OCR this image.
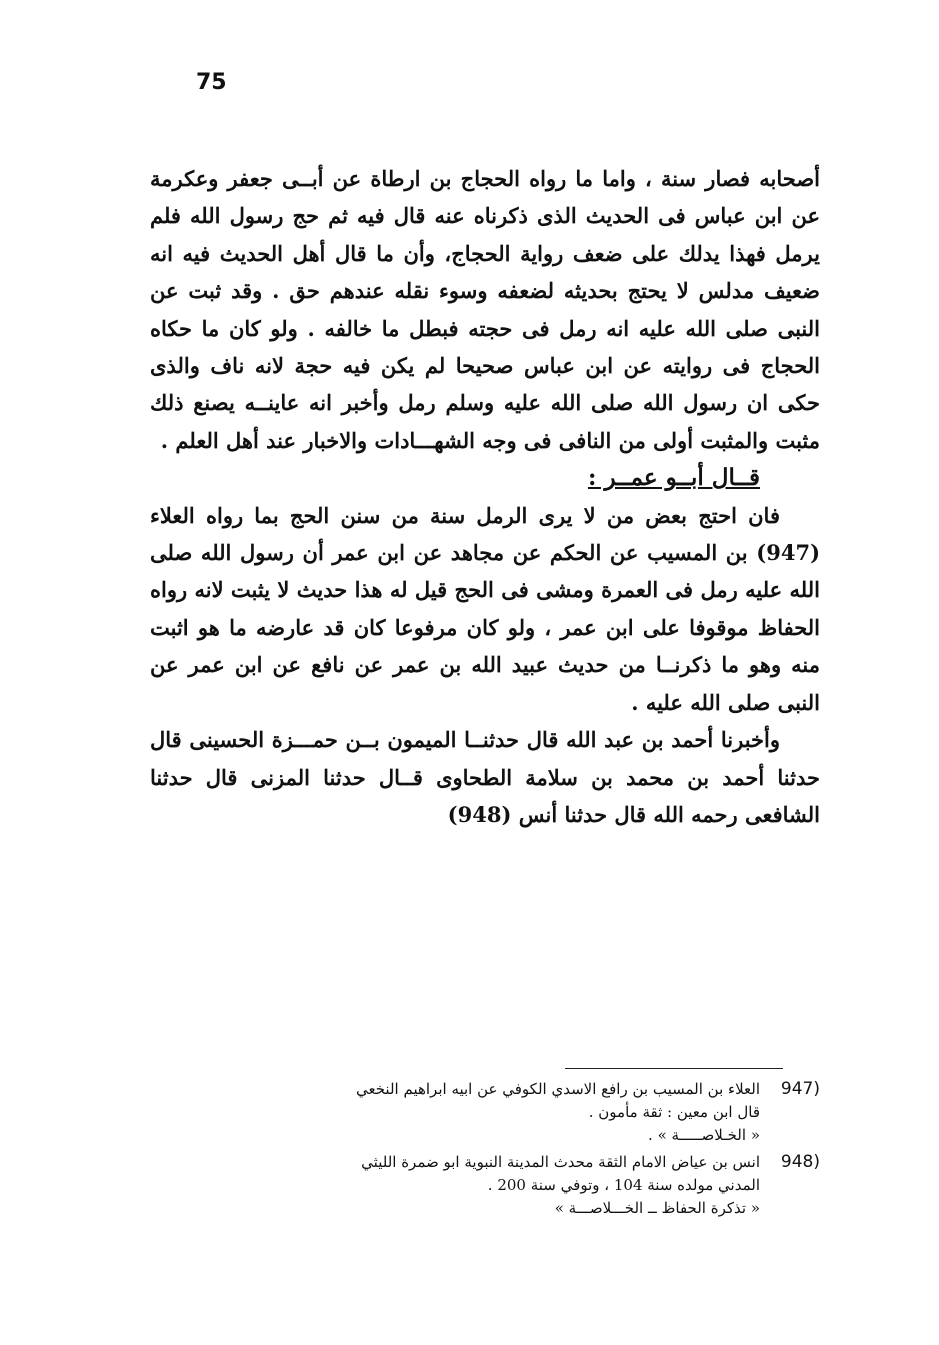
75

أصحابه فصار سنة ، واما ما رواه الحجاج بن ارطاة عن أبــى جعفر وعكرمة عن ابن عباس فى الحديث الذى ذكرناه عنه قال فيه ثم حج رسول الله فلم يرمل فهذا يدلك على ضعف رواية الحجاج، وأن ما قال أهل الحديث فيه انه ضعيف مدلس لا يحتج بحديثه لضعفه وسوء نقله عندهم حق . وقد ثبت عن النبى صلى الله عليه انه رمل فى حجته فبطل ما خالفه . ولو كان ما حكاه الحجاج فى روايته عن ابن عباس صحيحا لم يكن فيه حجة لانه ناف والذى حكى ان رسول الله صلى الله عليه وسلم رمل وأخبر انه عاينــه يصنع ذلك مثبت والمثبت أولى من النافى فى وجه الشهـــادات والاخبار عند أهل العلم .

قــال أبــو عمــر :

فان احتج بعض من لا يرى الرمل سنة من سنن الحج بما رواه العلاء (947) بن المسيب عن الحكم عن مجاهد عن ابن عمر أن رسول الله صلى الله عليه رمل فى العمرة ومشى فى الحج قيل له هذا حديث لا يثبت لانه رواه الحفاظ موقوفا على ابن عمر ، ولو كان مرفوعا كان قد عارضه ما هو اثبت منه وهو ما ذكرنــا من حديث عبيد الله بن عمر عن نافع عن ابن عمر عن النبى صلى الله عليه .

وأخبرنا أحمد بن عبد الله قال حدثنــا الميمون بــن حمـــزة الحسينى قال حدثنا أحمد بن محمد بن سلامة الطحاوى قــال حدثنا المزنى قال حدثنا الشافعى رحمه الله قال حدثنا أنس (948)

947)
العلاء بن المسيب بن رافع الاسدي الكوفي عن ابيه ابراهيم النخعي
قال ابن معين : ثقة مأمون .
« الخـلاصـــــة » .
948)
انس بن عياض الامام الثقة محدث المدينة النبوية ابو ضمرة الليثي
المدني مولده سنة 104 ، وتوفي سنة 200 .
« تذكرة الحفاظ ــ الخـــلاصـــة »
